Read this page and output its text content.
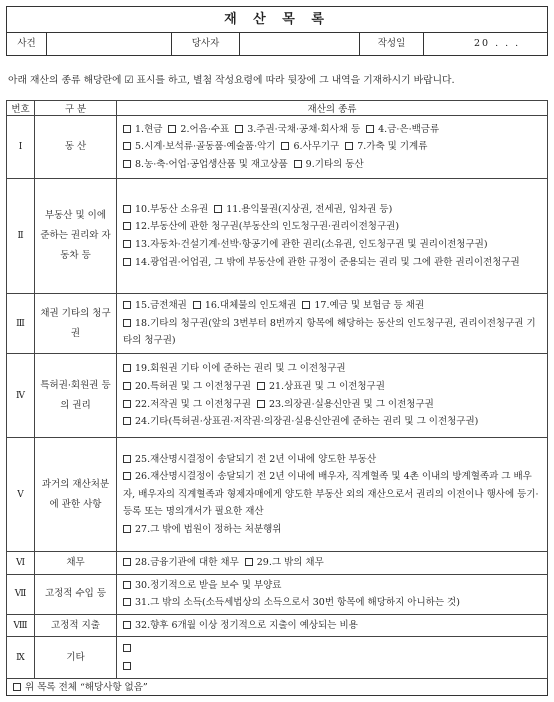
재 산 목 록
사건	당사자	작성일	20 . . .
아래 재산의 종류 해당란에 ☑ 표시를 하고, 별첨 작성요령에 따라 뒷장에 그 내역을 기재하시기 바랍니다.
번호	구 분	재산의 종류
Ⅰ	동 산	1.현금 2.어음·수표 3.주권·국채·공채·회사채 등 4.금·은·백금류
5.시계·보석류·골동품·예술품·악기 6.사무기구 7.가축 및 기계류
8.농·축·어업·공업생산품 및 재고상품 9.기타의 동산

Ⅱ	부동산 및 이에 준하는 권리와 자동차 등	10.부동산 소유권 11.용익물권(지상권, 전세권, 임차권 등)
12.부동산에 관한 청구권(부동산의 인도청구권·권리이전청구권)
13.자동차·건설기계·선박·항공기에 관한 권리(소유권, 인도청구권 및 권리이전청구권)
14.광업권·어업권, 그 밖에 부동산에 관한 규정이 준용되는 권리 및 그에 관한 권리이전청구권

Ⅲ	채권 기타의 청구권	15.금전채권 16.대체물의 인도채권 17.예금 및 보험금 등 채권
18.기타의 청구권(앞의 3번부터 8번까지 항목에 해당하는 동산의 인도청구권, 권리이전청구권 기타의 청구권)

Ⅳ	특허권·회원권 등의 권리	19.회원권 기타 이에 준하는 권리 및 그 이전청구권
20.특허권 및 그 이전청구권 21.상표권 및 그 이전청구권
22.저작권 및 그 이전청구권 23.의장권·실용신안권 및 그 이전청구권
24.기타(특허권·상표권·저작권·의장권·실용신안권에 준하는 권리 및 그 이전청구권)

Ⅴ	과거의 재산처분에 관한 사항	25.재산명시결정이 송달되기 전 2년 이내에 양도한 부동산
26.재산명시결정이 송달되기 전 2년 이내에 배우자, 직계혈족 및 4촌 이내의 방계혈족과 그 배우자, 배우자의 직계혈족과 형제자매에게 양도한 부동산 외의 재산으로서 권리의 이전이나 행사에 등기·등록 또는 명의개서가 필요한 재산
27.그 밖에 법원이 정하는 처분행위

Ⅵ	채무	28.금융기관에 대한 채무 29.그 밖의 채무

Ⅶ	고정적 수입 등	30.정기적으로 받을 보수 및 부양료
31.그 밖의 소득(소득세법상의 소득으로서 30번 항목에 해당하지 아니하는 것)

Ⅷ	고정적 지출	32.향후 6개월 이상 정기적으로 지출이 예상되는 비용

Ⅸ	기타	
위 목록 전체 “해당사항 없음”
